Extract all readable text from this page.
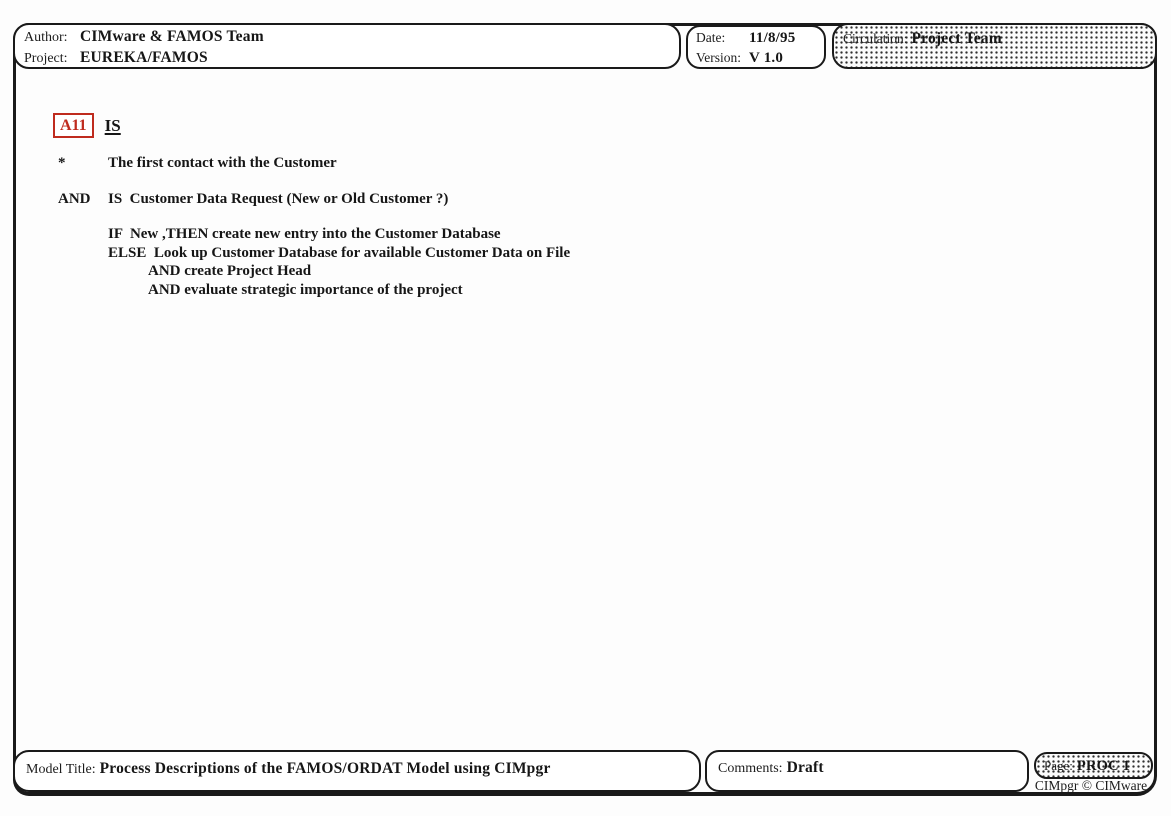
Author: CIMware & FAMOS Team
Project: EUREKA/FAMOS
Date: 11/8/95
Version: V 1.0
Circulation: Project Team
A11	IS
*	The first contact with the Customer
AND	IS  Customer Data Request (New or Old Customer ?)
IF  New ,THEN create new entry into the Customer Database
ELSE  Look up Customer Database for available Customer Data on File
AND create Project Head
AND evaluate strategic importance of the project
Model Title: Process Descriptions of the FAMOS/ORDAT Model using CIMpgr	Comments: Draft	Page: PROC 1
CIMpgr © CIMware
